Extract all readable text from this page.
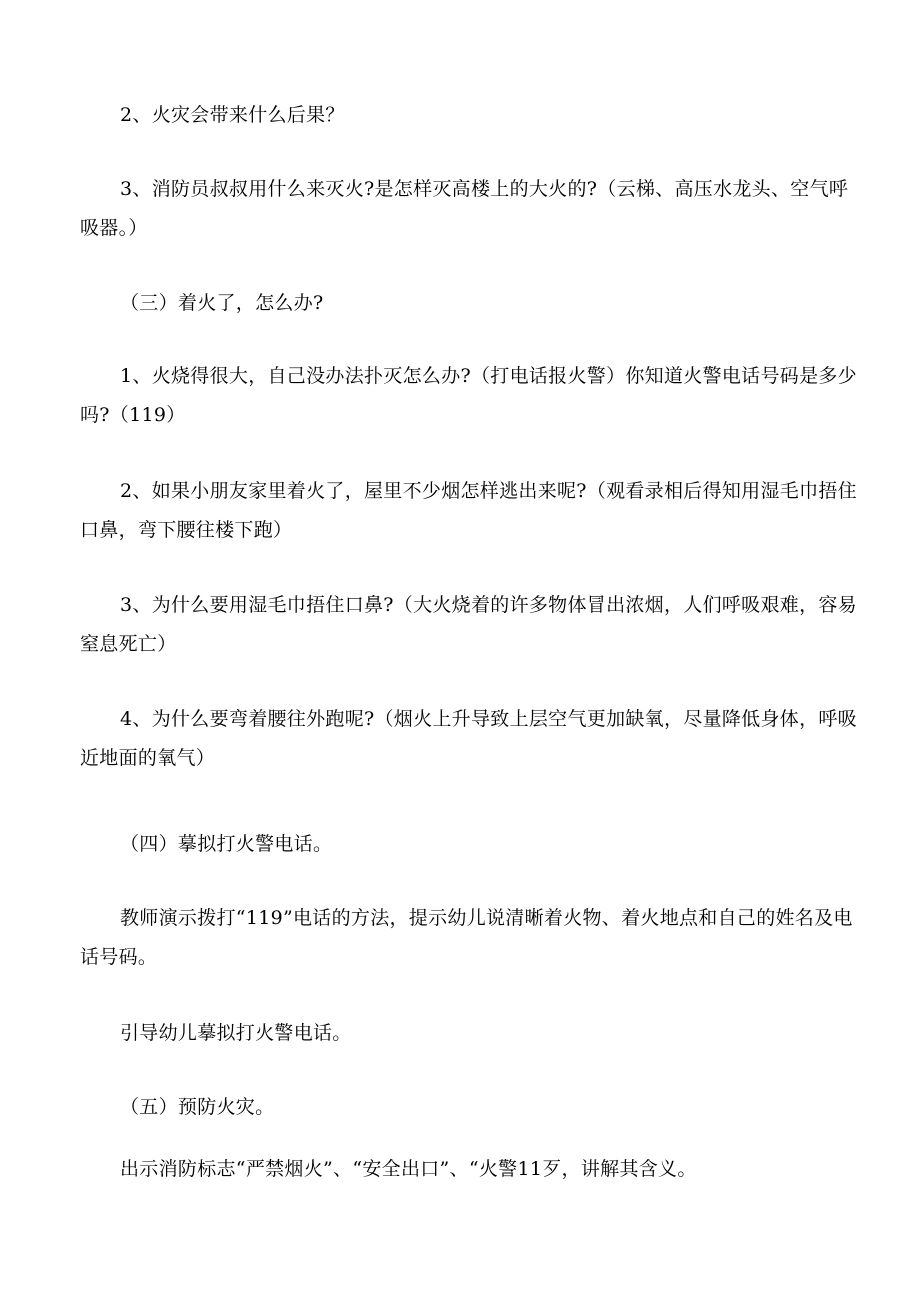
2、火灾会带来什么后果？

3、消防员叔叔用什么来灭火?是怎样灭高楼上的大火的?（云梯、高压水龙头、空气呼吸器。）

（三）着火了，怎么办?

1、火烧得很大，自己没办法扑灭怎么办?（打电话报火警）你知道火警电话号码是多少吗?（119）

2、如果小朋友家里着火了，屋里不少烟怎样逃出来呢?（观看录相后得知用湿毛巾捂住口鼻，弯下腰往楼下跑）

3、为什么要用湿毛巾捂住口鼻?（大火烧着的许多物体冒出浓烟，人们呼吸艰难，容易窒息死亡）

4、为什么要弯着腰往外跑呢?（烟火上升导致上层空气更加缺氧，尽量降低身体，呼吸近地面的氧气）

（四）摹拟打火警电话。

教师演示拨打“119”电话的方法，提示幼儿说清晰着火物、着火地点和自己的姓名及电话号码。

引导幼儿摹拟打火警电话。

（五）预防火灾。

出示消防标志“严禁烟火”、“安全出口”、“火警11歹，讲解其含义。
